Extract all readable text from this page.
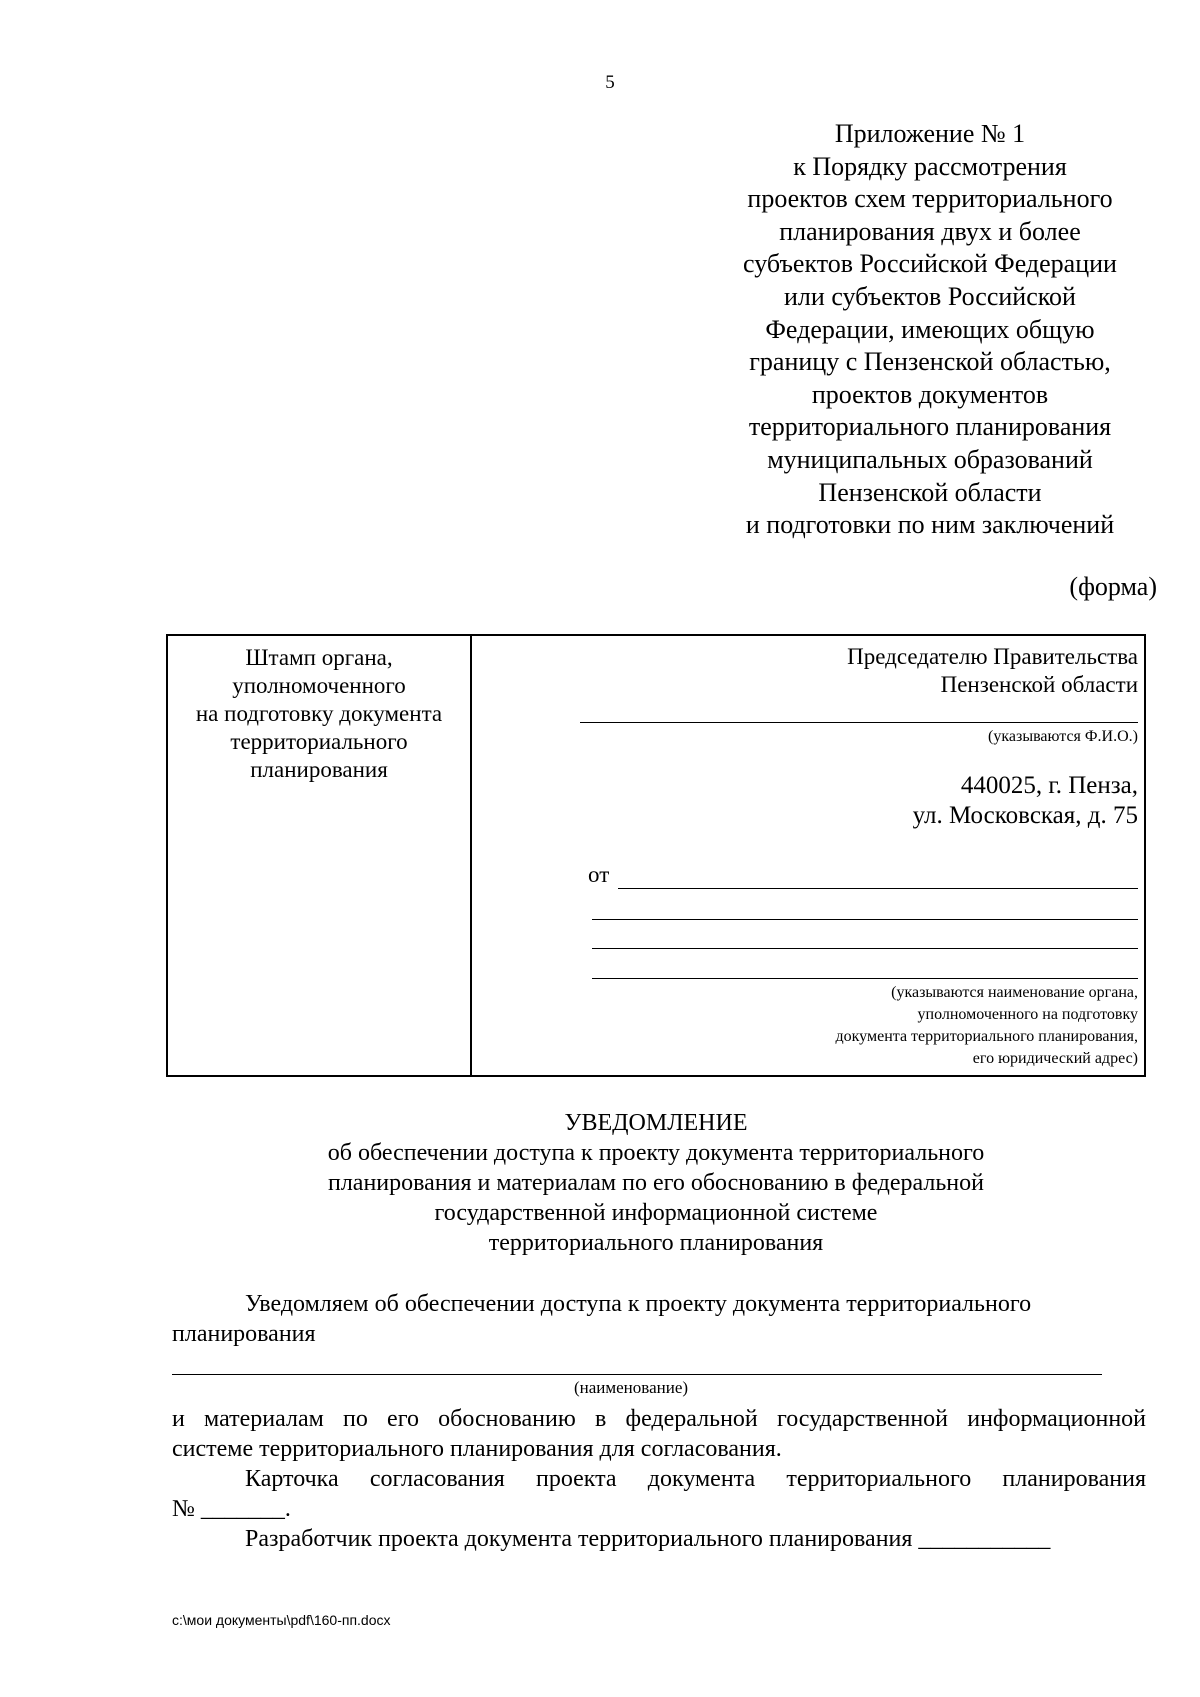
5
Приложение № 1
к Порядку рассмотрения
проектов схем территориального
планирования двух и более
субъектов Российской Федерации
или субъектов Российской
Федерации, имеющих общую
границу с Пензенской областью,
проектов документов
территориального планирования
муниципальных образований
Пензенской области
и подготовки по ним заключений
(форма)
Штамп органа,
уполномоченного
на подготовку документа
территориального
планирования
Председателю Правительства
Пензенской области
(указываются Ф.И.О.)
440025, г. Пенза,
ул. Московская, д. 75
от
(указываются наименование органа,
уполномоченного на подготовку
документа территориального планирования,
его юридический адрес)
УВЕДОМЛЕНИЕ
об обеспечении доступа к проекту документа территориального
планирования и материалам по его обоснованию в федеральной
государственной информационной системе
территориального планирования
Уведомляем об обеспечении доступа к проекту документа территориального
планирования
(наименование)
и материалам по его обоснованию в федеральной государственной информационной
системе территориального планирования для согласования.
Карточка согласования проекта документа территориального планирования
№ _______.
Разработчик проекта документа территориального планирования ___________
c:\мои документы\pdf\160-пп.docx
